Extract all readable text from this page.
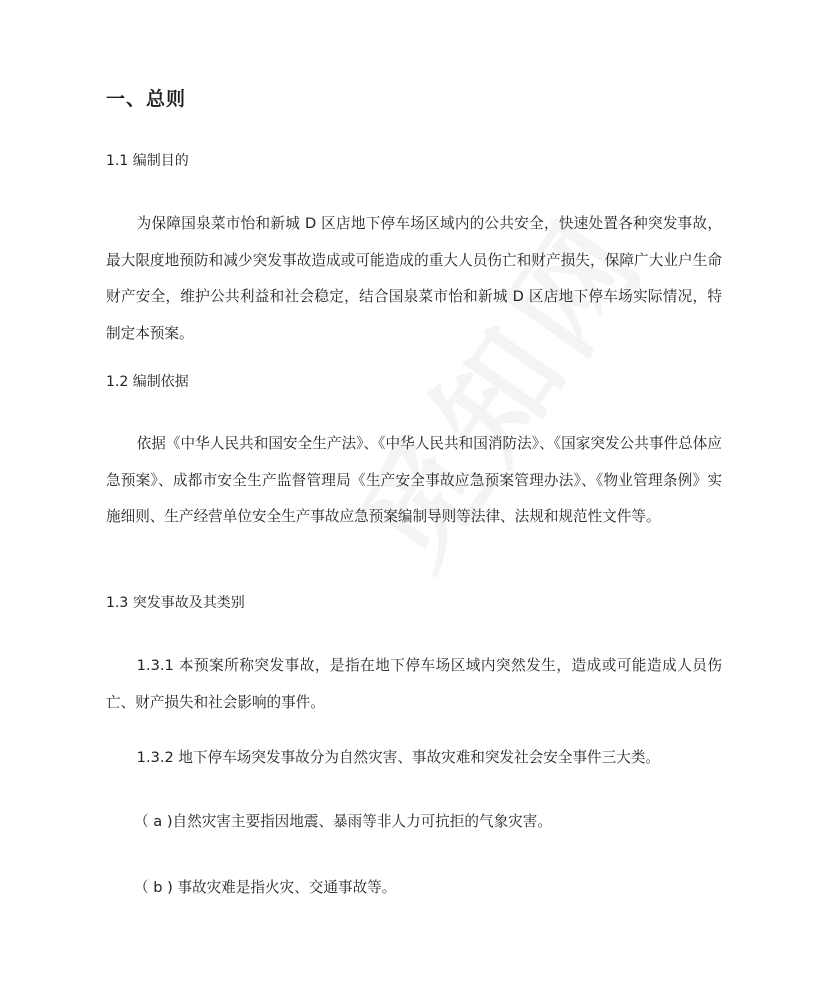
一、总则
1.1 编制目的

为保障国泉菜市怡和新城 D 区店地下停车场区域内的公共安全，快速处置各种突发事故，最大限度地预防和减少突发事故造成或可能造成的重大人员伤亡和财产损失，保障广大业户生命财产安全，维护公共利益和社会稳定，结合国泉菜市怡和新城 D 区店地下停车场实际情况，特制定本预案。

1.2 编制依据

依据《中华人民共和国安全生产法》、《中华人民共和国消防法》、《国家突发公共事件总体应急预案》、成都市安全生产监督管理局《生产安全事故应急预案管理办法》、《物业管理条例》实施细则、生产经营单位安全生产事故应急预案编制导则等法律、法规和规范性文件等。

1.3 突发事故及其类别

1.3.1 本预案所称突发事故，是指在地下停车场区域内突然发生，造成或可能造成人员伤亡、财产损失和社会影响的事件。

1.3.2 地下停车场突发事故分为自然灾害、事故灾难和突发社会安全事件三大类。

（ a )自然灾害主要指因地震、暴雨等非人力可抗拒的气象灾害。
（ b ) 事故灾难是指火灾、交通事故等。
